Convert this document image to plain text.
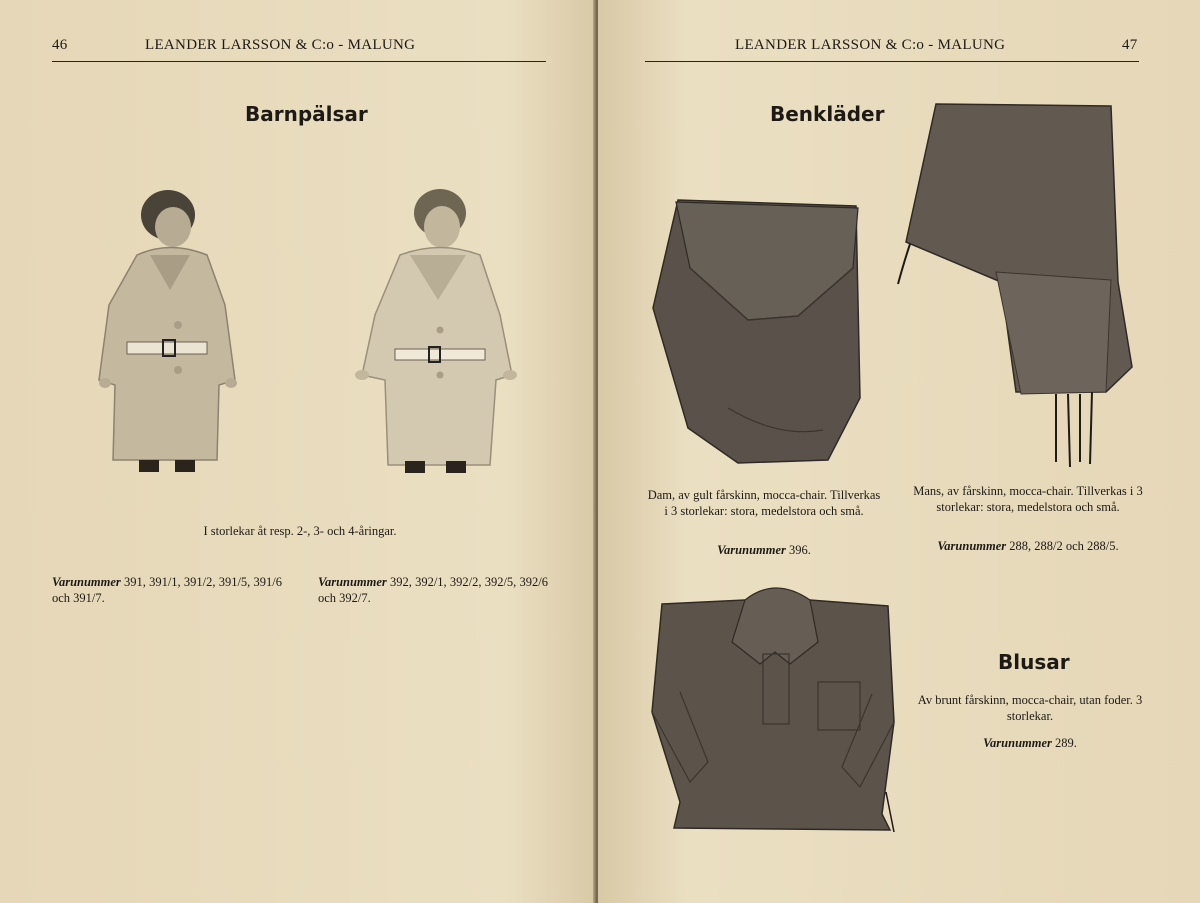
46	LEANDER LARSSON & C:o - MALUNG
Barnpälsar
I storlekar åt resp. 2-, 3- och 4-åringar.
Varunummer 391, 391/1, 391/2, 391/5, 391/6 och 391/7.
Varunummer 392, 392/1, 392/2, 392/5, 392/6 och 392/7.
LEANDER LARSSON & C:o - MALUNG	47
Benkläder
Dam, av gult fårskinn, mocca-chair. Tillverkas i 3 storlekar: stora, medelstora och små.
Varunummer 396.
Mans, av fårskinn, mocca-chair. Tillverkas i 3 storlekar: stora, medelstora och små.
Varunummer 288, 288/2 och 288/5.
Blusar
Av brunt fårskinn, mocca-chair, utan foder. 3 storlekar.
Varunummer 289.
